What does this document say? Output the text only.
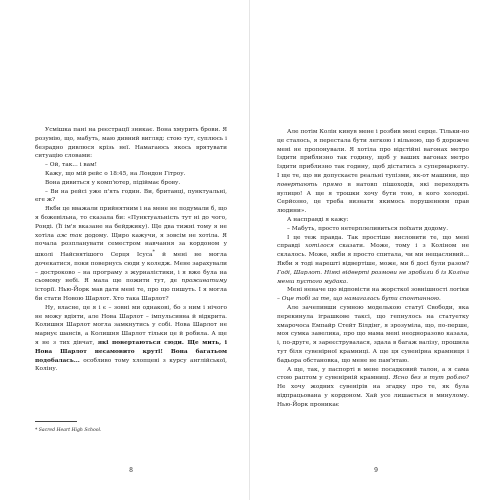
Усмішка пані на реєстрації зникає. Вона хмурить брови. Я розумію, що, мабуть, маю дивний вигляд: стою тут, суплюсь і безрадно дивлюся крізь неї. Намагаюсь якось врятувати ситуацію словами:

– Ой, так... і вам!

Кажу, що мій рейс о 18:45, на Лондон Гітроу.

Вона дивиться у комп'ютер, підіймає брову.

– Ви на рейсі уже п'ять годин. Ви, британці, пунктуальні, еге ж?

Якби це вважали прийнятним і на мене не подумали б, що я божевільна, то сказала би: «Пунктуальність тут ні до чого, Ронді. (Її ім'я вказане на бейджику). Ще два тижні тому я не хотіла аж так додому. Щиро кажучи, я зовсім не хотіла. Я почала розпланувати семестром навчання за кордоном у школі Найсвятішого Серця Ісуса* й мені не могла дочекатися, поки повернусь сюди у коледж. Мене зарахували – достроково – на програму з журналістики, і я вже була на сьомому небі. Я мала ще пожити тут, де проживатиму історії. Нью-Йорк мав дати мені те, про що пишуть. І я могла би стати Новою Шарлот. Хто такa Шарлот?

Ну, власне, це я і є – зовні ми однакові, бо з ним і нічого не можу вдіяти, але Нова Шарлот – імпульсивна й відкрита. Колишня Шарлот могла замкнутись у собі. Нова Шарлот не марнує шансів, а Колишня Шарлот тільки це й робила. А ще я не з тих дівчат, які повертаються сюди. Ще мить, і Нова Шарлот несамовито круті! Вона багатьом подобалась... особливо тому хлопцеві з курсу англійської, Коліну.

* Sacred Heart High School.
8

Але потім Колін кинув мене і розбив мені серце. Тільки-но це сталось, я перестала бути легкою і вільною, що б дорожче мені не пропонували. Я хотіла про відстійні вагонах метро їздити приблизно так годину, щоб у ваших вагонах метро їздити приблизно так годину, щоб дістатись з супермаркету. І ще те, що ви допускаєте реальні тупізми, як-от машини, що повертають прямо в натовп пішоходів, які переходять вулицю! А ще я трошки хочу бути тою, в кого холодні. Серйозно, це треба визнати якимось порушенням прав людини».

А насправді я кажу:

– Мабуть, просто нетерплеливиться поїхати додому.

І це теж правда. Так простіше висловити те, що мені справді хотілося сказати. Може, тому і з Коліном не склалось. Може, якби я просто спитала, чи ми нещасливий... Якби я тоді нарешті відвертіше, може, ми б досі були разом? Годі, Шарлот. Ніякі відверті розмови не зробили б із Коліна менш пустого мудака.

Мені неначе що відповісти на жорсткої зовнішності логіки – Оце тобі за те, що намагалась бути спонтанною.

Але зачепивши сумною моделькою статуї Свободи, яка перекинула іграшкове таксі, що гепнулось на статуетку хмарочоса Емпайр Стейт Білдінг, я зрозуміла, що, по-перше, моя сумка завелика, про що мама мені неодноразово казала, і, по-друге, я зареєструвалася, здала в багаж валізу, прошила тут біля сувенірної крамниці. А ще ця сувенірна крамниця і бадьора обстановка, що мене не пам'ятаю.

А ще, так, у паспорті в мене посадковий талон, а я сама стою раптом у сувенірній крамниці. Ясно без я тут роблю? Не хочу жодних сувенірів на згадку про те, як була відпрацьована у кордоном. Хай усе лишається в минулому. Нью-Йорк проникає

9
